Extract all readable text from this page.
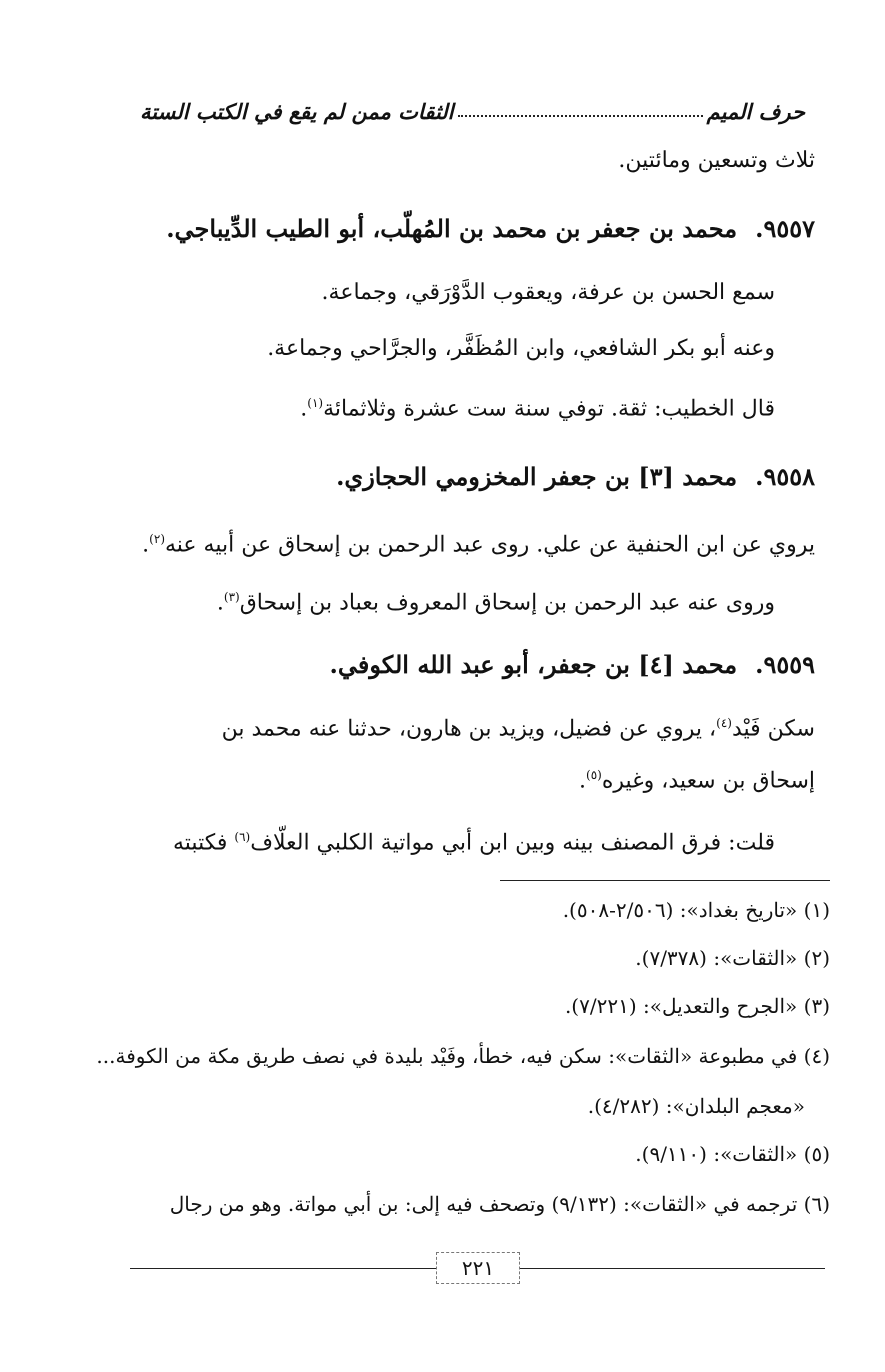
حرف الميم
الثقات ممن لم يقع في الكتب الستة
ثلاث وتسعين ومائتين.
٩٥٥٧.محمد بن جعفر بن محمد بن المُهلّب، أبو الطيب الدِّيباجي.
سمع الحسن بن عرفة، ويعقوب الدَّوْرَقي، وجماعة.
وعنه أبو بكر الشافعي، وابن المُظَفَّر، والجرَّاحي وجماعة.
قال الخطيب: ثقة. توفي سنة ست عشرة وثلاثمائة$^{(١)}$.
٩٥٥٨.محمد [٣] بن جعفر المخزومي الحجازي.
يروي عن ابن الحنفية عن علي. روى عبد الرحمن بن إسحاق عن أبيه عنه$^{(٢)}$.
وروى عنه عبد الرحمن بن إسحاق المعروف بعباد بن إسحاق$^{(٣)}$.
٩٥٥٩.محمد [٤] بن جعفر، أبو عبد الله الكوفي.
سكن فَيْد$^{(٤)}$، يروي عن فضيل، ويزيد بن هارون، حدثنا عنه محمد بن
إسحاق بن سعيد، وغيره$^{(٥)}$.
قلت: فرق المصنف بينه وبين ابن أبي مواتية الكلبي العلّاف$^{(٦)}$ فكتبته
(١) «تاريخ بغداد»: (٢/٥٠٦-٥٠٨).
(٢) «الثقات»: (٧/٣٧٨).
(٣) «الجرح والتعديل»: (٧/٢٢١).
(٤) في مطبوعة «الثقات»: سكن فيه، خطأ، وفَيْد بليدة في نصف طريق مكة من الكوفة...
«معجم البلدان»: (٤/٢٨٢).
(٥) «الثقات»: (٩/١١٠).
(٦) ترجمه في «الثقات»: (٩/١٣٢) وتصحف فيه إلى: بن أبي مواتة. وهو من رجال
٢٢١
